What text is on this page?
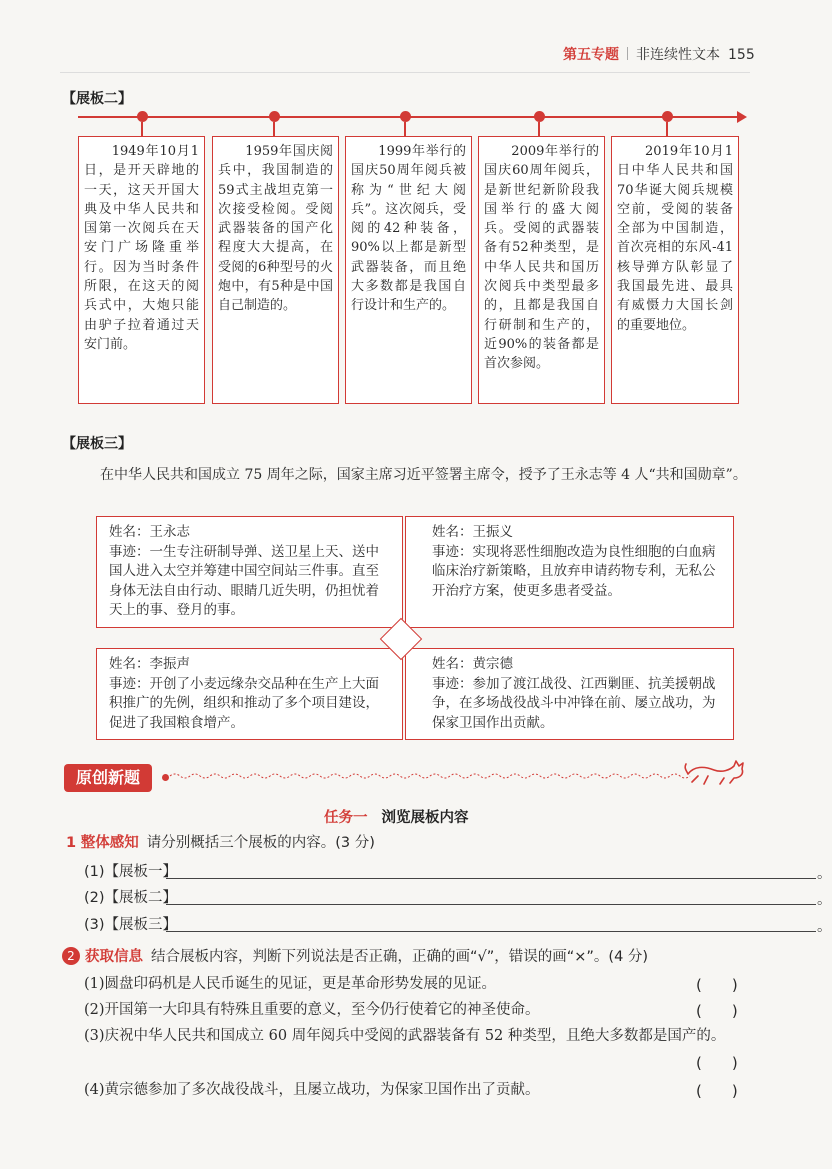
第五专题 非连续性文本 155
【展板二】
　　1949年10月1日，是开天辟地的一天，这天开国大典及中华人民共和国第一次阅兵在天安门广场隆重举行。因为当时条件所限，在这天的阅兵式中，大炮只能由驴子拉着通过天安门前。
　　1959年国庆阅兵中，我国制造的59式主战坦克第一次接受检阅。受阅武器装备的国产化程度大大提高，在受阅的6种型号的火炮中，有5种是中国自己制造的。
　　1999年举行的国庆50周年阅兵被称为“世纪大阅兵”。这次阅兵，受阅的42种装备，90%以上都是新型武器装备，而且绝大多数都是我国自行设计和生产的。
　　2009年举行的国庆60周年阅兵，是新世纪新阶段我国举行的盛大阅兵。受阅的武器装备有52种类型，是中华人民共和国历次阅兵中类型最多的，且都是我国自行研制和生产的，近90%的装备都是首次参阅。
　　2019年10月1日中华人民共和国70华诞大阅兵规模空前，受阅的装备全部为中国制造，首次亮相的东风-41核导弹方队彰显了我国最先进、最具有威慑力大国长剑的重要地位。
【展板三】
在中华人民共和国成立 75 周年之际，国家主席习近平签署主席令，授予了王永志等 4 人“共和国勋章”。
姓名：王永志
事迹：一生专注研制导弹、送卫星上天、送中国人进入太空并筹建中国空间站三件事。直至身体无法自由行动、眼睛几近失明，仍担忧着天上的事、登月的事。
姓名：王振义
事迹：实现将恶性细胞改造为良性细胞的白血病临床治疗新策略，且放弃申请药物专利，无私公开治疗方案，使更多患者受益。
姓名：李振声
事迹：开创了小麦远缘杂交品种在生产上大面积推广的先例，组织和推动了多个项目建设，促进了我国粮食增产。
姓名：黄宗德
事迹：参加了渡江战役、江西剿匪、抗美援朝战争，在多场战役战斗中冲锋在前、屡立战功，为保家卫国作出贡献。
原创新题
任务一 浏览展板内容
1 整体感知 请分别概括三个展板的内容。(3 分)
(1)【展板一】	。
(2)【展板二】	。
(3)【展板三】	。
2 获取信息 结合展板内容，判断下列说法是否正确，正确的画“√”，错误的画“×”。(4 分)
(1)圆盘印码机是人民币诞生的见证，更是革命形势发展的见证。	(　　)
(2)开国第一大印具有特殊且重要的意义，至今仍行使着它的神圣使命。	(　　)
(3)庆祝中华人民共和国成立 60 周年阅兵中受阅的武器装备有 52 种类型，且绝大多数都是国产的。
(　　)
(4)黄宗德参加了多次战役战斗，且屡立战功，为保家卫国作出了贡献。	(　　)
